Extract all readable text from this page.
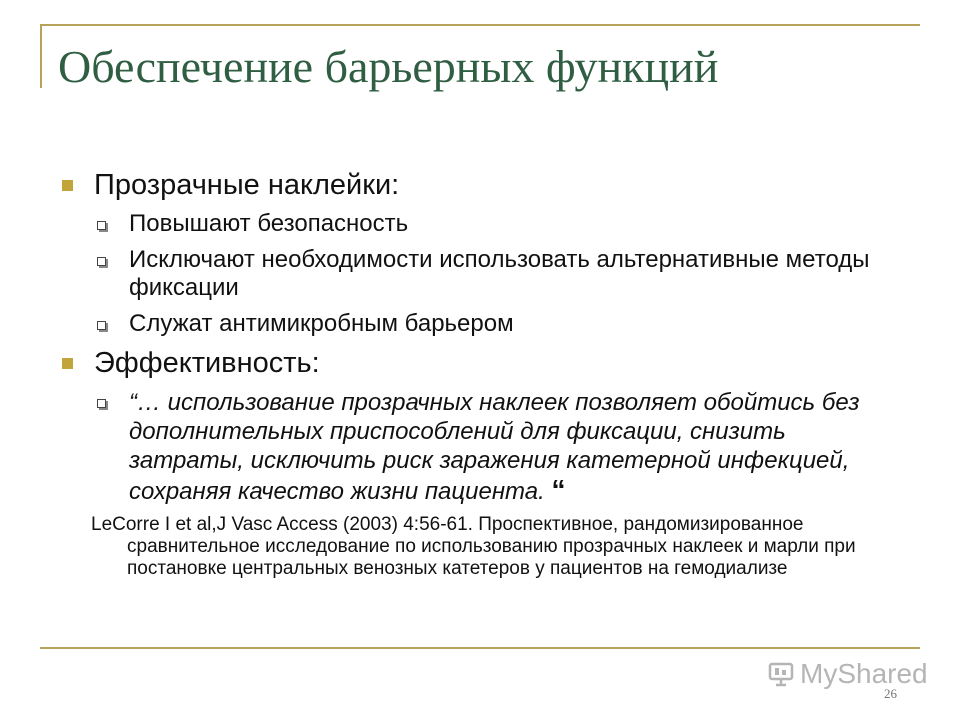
Обеспечение барьерных функций
Прозрачные наклейки:
Повышают безопасность
Исключают необходимости использовать альтернативные методы фиксации
Служат антимикробным барьером
Эффективность:
“… использование прозрачных наклеек позволяет обойтись без дополнительных приспособлений для фиксации, снизить затраты, исключить риск заражения катетерной инфекцией, сохраняя качество жизни пациента. “
LeCorre I et al,J Vasc Access (2003) 4:56-61. Проспективное, рандомизированное сравнительное исследование по использованию прозрачных наклеек и марли при постановке центральных венозных катетеров у пациентов на гемодиализе
MyShared
26
